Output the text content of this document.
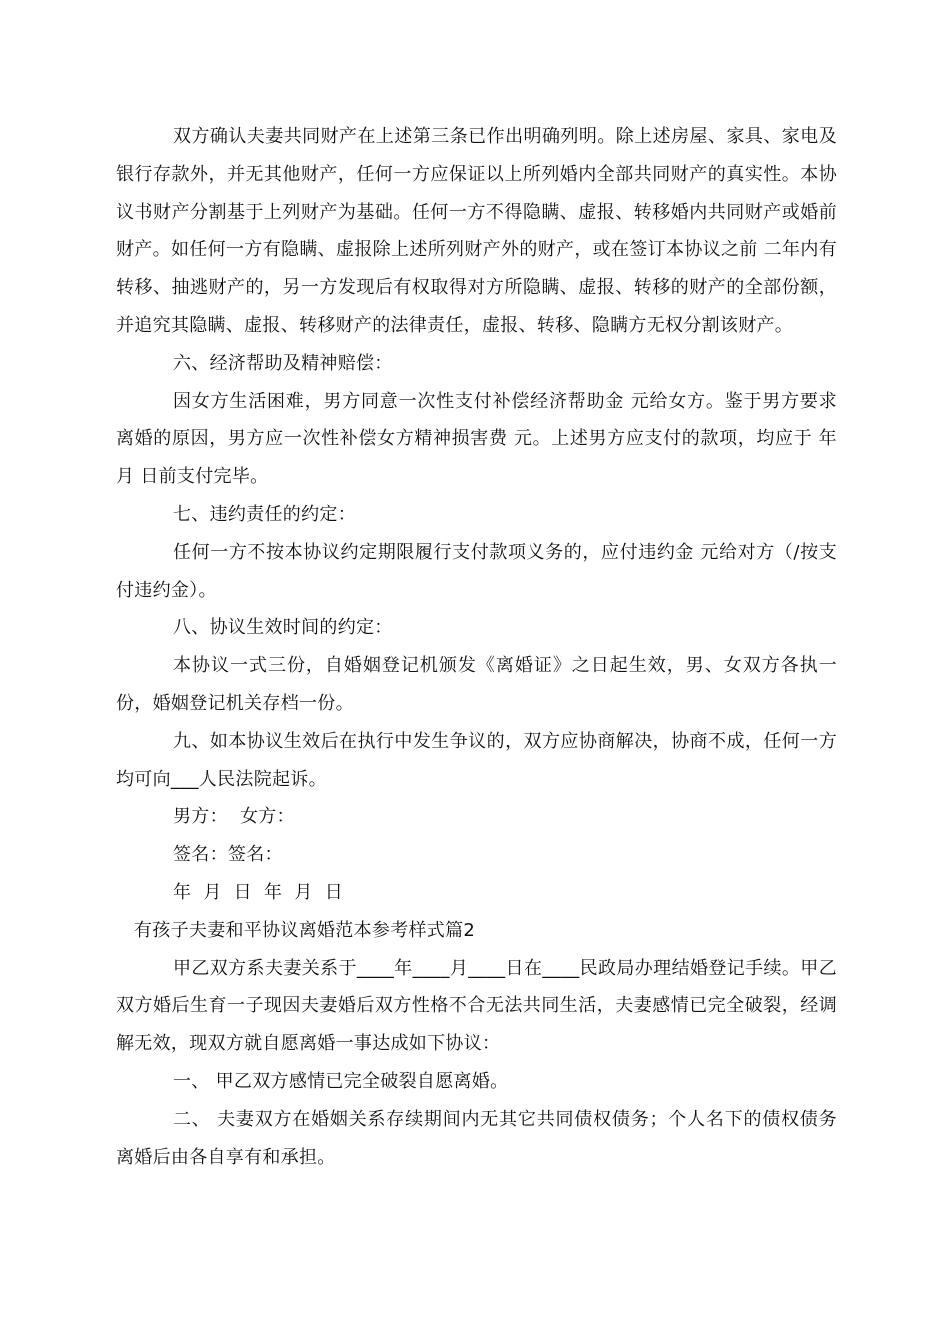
双方确认夫妻共同财产在上述第三条已作出明确列明。除上述房屋、家具、家电及银行存款外，并无其他财产，任何一方应保证以上所列婚内全部共同财产的真实性。本协议书财产分割基于上列财产为基础。任何一方不得隐瞒、虚报、转移婚内共同财产或婚前财产。如任何一方有隐瞒、虚报除上述所列财产外的财产，或在签订本协议之前 二年内有转移、抽逃财产的，另一方发现后有权取得对方所隐瞒、虚报、转移的财产的全部份额，并追究其隐瞒、虚报、转移财产的法律责任，虚报、转移、隐瞒方无权分割该财产。

六、经济帮助及精神赔偿：

因女方生活困难，男方同意一次性支付补偿经济帮助金 元给女方。鉴于男方要求离婚的原因，男方应一次性补偿女方精神损害费 元。上述男方应支付的款项，均应于 年 月 日前支付完毕。

七、违约责任的约定：

任何一方不按本协议约定期限履行支付款项义务的，应付违约金 元给对方（/按支付违约金）。

八、协议生效时间的约定：

本协议一式三份，自婚姻登记机颁发《离婚证》之日起生效，男、女双方各执一份，婚姻登记机关存档一份。

九、如本协议生效后在执行中发生争议的，双方应协商解决，协商不成，任何一方均可向___人民法院起诉。

男方：  女方：

签名：签名：

年  月  日  年  月  日

有孩子夫妻和平协议离婚范本参考样式篇2

甲乙双方系夫妻关系于____年____月____日在____民政局办理结婚登记手续。甲乙双方婚后生育一子现因夫妻婚后双方性格不合无法共同生活，夫妻感情已完全破裂，经调解无效，现双方就自愿离婚一事达成如下协议：

一、 甲乙双方感情已完全破裂自愿离婚。

二、 夫妻双方在婚姻关系存续期间内无其它共同债权债务；个人名下的债权债务离婚后由各自享有和承担。
